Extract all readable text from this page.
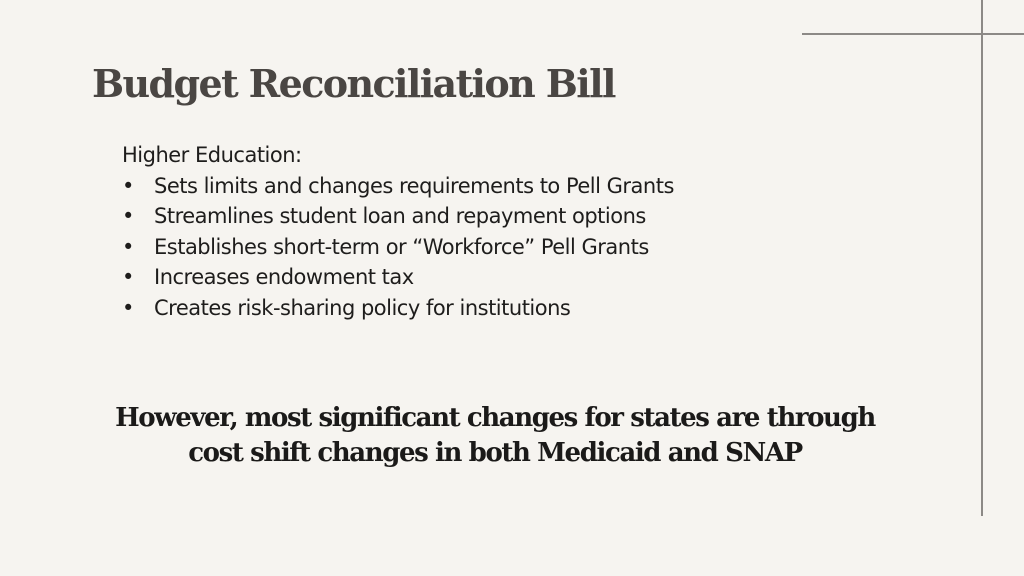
Budget Reconciliation Bill
Higher Education:
• Sets limits and changes requirements to Pell Grants
• Streamlines student loan and repayment options
• Establishes short-term or “Workforce” Pell Grants
• Increases endowment tax
• Creates risk-sharing policy for institutions
However, most significant changes for states are through
cost shift changes in both Medicaid and SNAP
